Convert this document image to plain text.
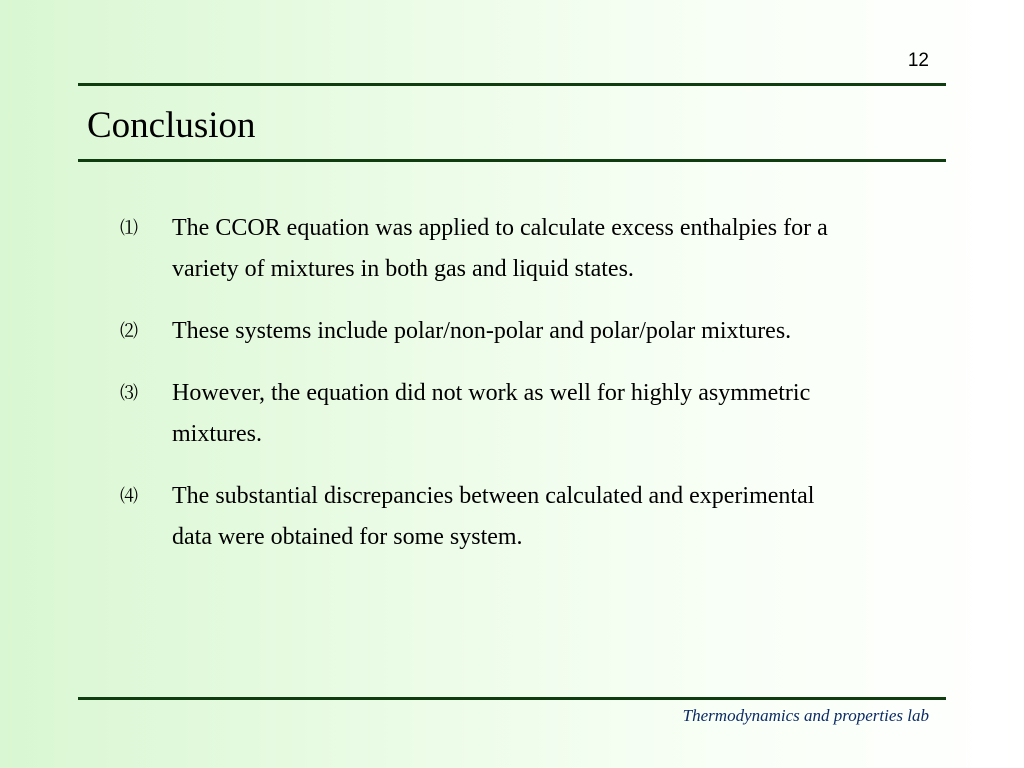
12
Conclusion
⑴	The CCOR equation was applied to calculate excess enthalpies for a variety of mixtures in both gas and liquid states.
⑵	These systems include polar/non-polar and polar/polar mixtures.
⑶	However, the equation did not work as well for highly asymmetric mixtures.
⑷	The substantial discrepancies between calculated and experimental data were obtained for some system.
Thermodynamics and properties lab
